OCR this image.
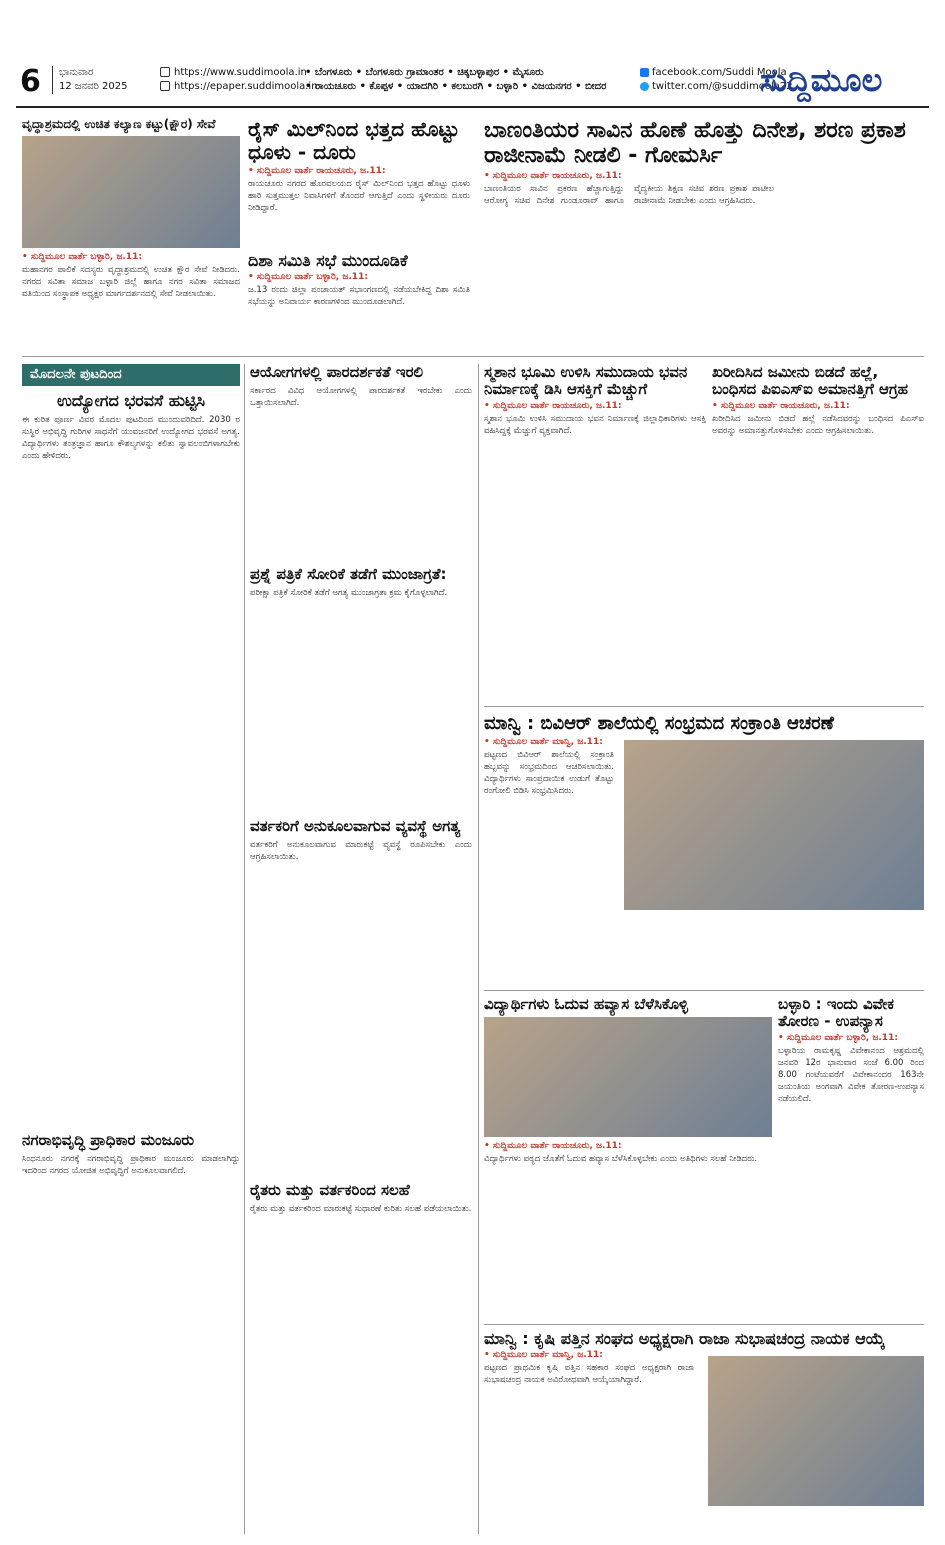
6 ಭಾನುವಾರ
12 ಜನವರಿ 2025
https://www.suddimoola.in
https://epaper.suddimoola.in
• ಬೆಂಗಳೂರು • ಬೆಂಗಳೂರು ಗ್ರಾಮಾಂತರ • ಚಿಕ್ಕಬಳ್ಳಾಪುರ • ಮೈಸೂರು
• ರಾಯಚೂರು • ಕೊಪ್ಪಳ • ಯಾದಗಿರಿ • ಕಲಬುರಗಿ • ಬಳ್ಳಾರಿ • ವಿಜಯನಗರ • ಬೀದರ
facebook.com/Suddi Moola
twitter.com/@suddimoola22
ಸುದ್ದಿಮೂಲ
ವೃದ್ಧಾಶ್ರಮದಲ್ಲಿ ಉಚಿತ ಕಲ್ಯಾಣ ಕಟ್ಟು(ಕ್ಷೌರ) ಸೇವೆ
• ಸುದ್ದಿಮೂಲ ವಾರ್ತೆ ಬಳ್ಳಾರಿ, ಜ.11:
ಮಹಾನಗರ ಪಾಲಿಕೆ ಸದಸ್ಯರು ವೃದ್ಧಾಶ್ರಮದಲ್ಲಿ ಉಚಿತ ಕ್ಷೌರ ಸೇವೆ ನೀಡಿದರು. ನಗರದ ಸವಿತಾ ಸಮಾಜ ಬಳ್ಳಾರಿ ಜಿಲ್ಲೆ ಹಾಗೂ ನಗರ ಸವಿತಾ ಸಮಾಜದ ವತಿಯಿಂದ ಸಂಸ್ಥಾಪಕ ಅಧ್ಯಕ್ಷರ ಮಾರ್ಗದರ್ಶನದಲ್ಲಿ ಸೇವೆ ನೀಡಲಾಯಿತು.
ರೈಸ್ ಮಿಲ್‌ನಿಂದ ಭತ್ತದ ಹೊಟ್ಟು ಧೂಳು - ದೂರು
• ಸುದ್ದಿಮೂಲ ವಾರ್ತೆ ರಾಯಚೂರು, ಜ.11:
ರಾಯಚೂರು ನಗರದ ಹೊರವಲಯದ ರೈಸ್ ಮಿಲ್‌ನಿಂದ ಭತ್ತದ ಹೊಟ್ಟು ಧೂಳು ಹಾರಿ ಸುತ್ತಮುತ್ತಲ ನಿವಾಸಿಗಳಿಗೆ ತೊಂದರೆ ಆಗುತ್ತಿದೆ ಎಂದು ಸ್ಥಳೀಯರು ದೂರು ನೀಡಿದ್ದಾರೆ.
ದಿಶಾ ಸಮಿತಿ ಸಭೆ ಮುಂದೂಡಿಕೆ
• ಸುದ್ದಿಮೂಲ ವಾರ್ತೆ ಬಳ್ಳಾರಿ, ಜ.11:
ಜ.13 ರಂದು ಜಿಲ್ಲಾ ಪಂಚಾಯತ್ ಸಭಾಂಗಣದಲ್ಲಿ ನಡೆಯಬೇಕಿದ್ದ ದಿಶಾ ಸಮಿತಿ ಸಭೆಯನ್ನು ಅನಿವಾರ್ಯ ಕಾರಣಗಳಿಂದ ಮುಂದೂಡಲಾಗಿದೆ.
ಬಾಣಂತಿಯರ ಸಾವಿನ ಹೊಣೆ ಹೊತ್ತು ದಿನೇಶ, ಶರಣ ಪ್ರಕಾಶ ರಾಜೀನಾಮೆ ನೀಡಲಿ - ಗೋಮರ್ಸಿ
• ಸುದ್ದಿಮೂಲ ವಾರ್ತೆ ರಾಯಚೂರು, ಜ.11:
ಬಾಣಂತಿಯರ ಸಾವಿನ ಪ್ರಕರಣ ಹೆಚ್ಚಾಗುತ್ತಿದ್ದು ಆರೋಗ್ಯ ಸಚಿವ ದಿನೇಶ ಗುಂಡೂರಾವ್ ಹಾಗೂ ವೈದ್ಯಕೀಯ ಶಿಕ್ಷಣ ಸಚಿವ ಶರಣ ಪ್ರಕಾಶ ಪಾಟೀಲ ರಾಜೀನಾಮೆ ನೀಡಬೇಕು ಎಂದು ಆಗ್ರಹಿಸಿದರು.
ಮೊದಲನೇ ಪುಟದಿಂದ
ಉದ್ಯೋಗದ ಭರವಸೆ ಹುಟ್ಟಿಸಿ
ಈ ಕುರಿತ ಪೂರ್ಣ ವಿವರ ಮೊದಲ ಪುಟದಿಂದ ಮುಂದುವರಿದಿದೆ. 2030 ರ ಸುಸ್ಥಿರ ಅಭಿವೃದ್ಧಿ ಗುರಿಗಳ ಸಾಧನೆಗೆ ಯುವಜನರಿಗೆ ಉದ್ಯೋಗದ ಭರವಸೆ ಅಗತ್ಯ. ವಿದ್ಯಾರ್ಥಿಗಳು ತಂತ್ರಜ್ಞಾನ ಹಾಗೂ ಕೌಶಲ್ಯಗಳನ್ನು ಕಲಿತು ಸ್ವಾವಲಂಬಿಗಳಾಗಬೇಕು ಎಂದು ಹೇಳಿದರು.
ನಗರಾಭಿವೃದ್ಧಿ ಪ್ರಾಧಿಕಾರ ಮಂಜೂರು
ಸಿಂಧನೂರು ನಗರಕ್ಕೆ ನಗರಾಭಿವೃದ್ಧಿ ಪ್ರಾಧಿಕಾರ ಮಂಜೂರು ಮಾಡಲಾಗಿದ್ದು ಇದರಿಂದ ನಗರದ ಯೋಜಿತ ಅಭಿವೃದ್ಧಿಗೆ ಅನುಕೂಲವಾಗಲಿದೆ.
ಆಯೋಗಗಳಲ್ಲಿ ಪಾರದರ್ಶಕತೆ ಇರಲಿ
ಸರ್ಕಾರದ ವಿವಿಧ ಆಯೋಗಗಳಲ್ಲಿ ಪಾರದರ್ಶಕತೆ ಇರಬೇಕು ಎಂದು ಒತ್ತಾಯಿಸಲಾಗಿದೆ.
ಪ್ರಶ್ನೆ ಪತ್ರಿಕೆ ಸೋರಿಕೆ ತಡೆಗೆ ಮುಂಜಾಗ್ರತೆ:
ಪರೀಕ್ಷಾ ಪತ್ರಿಕೆ ಸೋರಿಕೆ ತಡೆಗೆ ಅಗತ್ಯ ಮುಂಜಾಗ್ರತಾ ಕ್ರಮ ಕೈಗೊಳ್ಳಲಾಗಿದೆ.
ವರ್ತಕರಿಗೆ ಅನುಕೂಲವಾಗುವ ವ್ಯವಸ್ಥೆ ಅಗತ್ಯ
ವರ್ತಕರಿಗೆ ಅನುಕೂಲವಾಗುವ ಮಾರುಕಟ್ಟೆ ವ್ಯವಸ್ಥೆ ರೂಪಿಸಬೇಕು ಎಂದು ಆಗ್ರಹಿಸಲಾಯಿತು.
ರೈತರು ಮತ್ತು ವರ್ತಕರಿಂದ ಸಲಹೆ
ರೈತರು ಮತ್ತು ವರ್ತಕರಿಂದ ಮಾರುಕಟ್ಟೆ ಸುಧಾರಣೆ ಕುರಿತು ಸಲಹೆ ಪಡೆಯಲಾಯಿತು.
ಸ್ಮಶಾನ ಭೂಮಿ ಉಳಿಸಿ ಸಮುದಾಯ ಭವನ ನಿರ್ಮಾಣಕ್ಕೆ ಡಿಸಿ ಆಸಕ್ತಿಗೆ ಮೆಚ್ಚುಗೆ
• ಸುದ್ದಿಮೂಲ ವಾರ್ತೆ ರಾಯಚೂರು, ಜ.11:
ಸ್ಮಶಾನ ಭೂಮಿ ಉಳಿಸಿ ಸಮುದಾಯ ಭವನ ನಿರ್ಮಾಣಕ್ಕೆ ಜಿಲ್ಲಾಧಿಕಾರಿಗಳು ಆಸಕ್ತಿ ವಹಿಸಿದ್ದಕ್ಕೆ ಮೆಚ್ಚುಗೆ ವ್ಯಕ್ತವಾಗಿದೆ.
ಖರೀದಿಸಿದ ಜಮೀನು ಬಿಡದೆ ಹಲ್ಲೆ, ಬಂಧಿಸದ ಪಿಐಎಸ್‌ಐ ಅಮಾನತ್ತಿಗೆ ಆಗ್ರಹ
• ಸುದ್ದಿಮೂಲ ವಾರ್ತೆ ರಾಯಚೂರು, ಜ.11:
ಖರೀದಿಸಿದ ಜಮೀನು ಬಿಡದೆ ಹಲ್ಲೆ ನಡೆಸಿದವರನ್ನು ಬಂಧಿಸದ ಪಿಎಸ್‌ಐ ಅವರನ್ನು ಅಮಾನತ್ತುಗೊಳಿಸಬೇಕು ಎಂದು ಆಗ್ರಹಿಸಲಾಯಿತು.
ಮಾನ್ವಿ : ಬಿವಿಆರ್ ಶಾಲೆಯಲ್ಲಿ ಸಂಭ್ರಮದ ಸಂಕ್ರಾಂತಿ ಆಚರಣೆ
• ಸುದ್ದಿಮೂಲ ವಾರ್ತೆ ಮಾನ್ವಿ, ಜ.11:
ಪಟ್ಟಣದ ಬಿವಿಆರ್ ಶಾಲೆಯಲ್ಲಿ ಸಂಕ್ರಾಂತಿ ಹಬ್ಬವನ್ನು ಸಂಭ್ರಮದಿಂದ ಆಚರಿಸಲಾಯಿತು. ವಿದ್ಯಾರ್ಥಿಗಳು ಸಾಂಪ್ರದಾಯಿಕ ಉಡುಗೆ ತೊಟ್ಟು ರಂಗೋಲಿ ಬಿಡಿಸಿ ಸಂಭ್ರಮಿಸಿದರು.
ವಿದ್ಯಾರ್ಥಿಗಳು ಓದುವ ಹವ್ಯಾಸ ಬೆಳೆಸಿಕೊಳ್ಳಿ
• ಸುದ್ದಿಮೂಲ ವಾರ್ತೆ ರಾಯಚೂರು, ಜ.11:
ವಿದ್ಯಾರ್ಥಿಗಳು ಪಠ್ಯದ ಜೊತೆಗೆ ಓದುವ ಹವ್ಯಾಸ ಬೆಳೆಸಿಕೊಳ್ಳಬೇಕು ಎಂದು ಅತಿಥಿಗಳು ಸಲಹೆ ನೀಡಿದರು.
ಬಳ್ಳಾರಿ : ಇಂದು ವಿವೇಕ ತೋರಣ - ಉಪನ್ಯಾಸ
• ಸುದ್ದಿಮೂಲ ವಾರ್ತೆ ಬಳ್ಳಾರಿ, ಜ.11:
ಬಳ್ಳಾರಿಯ ರಾಮಕೃಷ್ಣ ವಿವೇಕಾನಂದ ಆಶ್ರಮದಲ್ಲಿ ಜನವರಿ 12ರ ಭಾನುವಾರ ಸಂಜೆ 6.00 ರಿಂದ 8.00 ಗಂಟೆಯವರೆಗೆ ವಿವೇಕಾನಂದರ 163ನೇ ಜಯಂತಿಯ ಅಂಗವಾಗಿ ವಿವೇಕ ತೋರಣ-ಉಪನ್ಯಾಸ ನಡೆಯಲಿದೆ.
ಮಾನ್ವಿ : ಕೃಷಿ ಪತ್ತಿನ ಸಂಘದ ಅಧ್ಯಕ್ಷರಾಗಿ ರಾಜಾ ಸುಭಾಷಚಂದ್ರ ನಾಯಕ ಆಯ್ಕೆ
• ಸುದ್ದಿಮೂಲ ವಾರ್ತೆ ಮಾನ್ವಿ, ಜ.11:
ಪಟ್ಟಣದ ಪ್ರಾಥಮಿಕ ಕೃಷಿ ಪತ್ತಿನ ಸಹಕಾರ ಸಂಘದ ಅಧ್ಯಕ್ಷರಾಗಿ ರಾಜಾ ಸುಭಾಷಚಂದ್ರ ನಾಯಕ ಅವಿರೋಧವಾಗಿ ಆಯ್ಕೆಯಾಗಿದ್ದಾರೆ.
